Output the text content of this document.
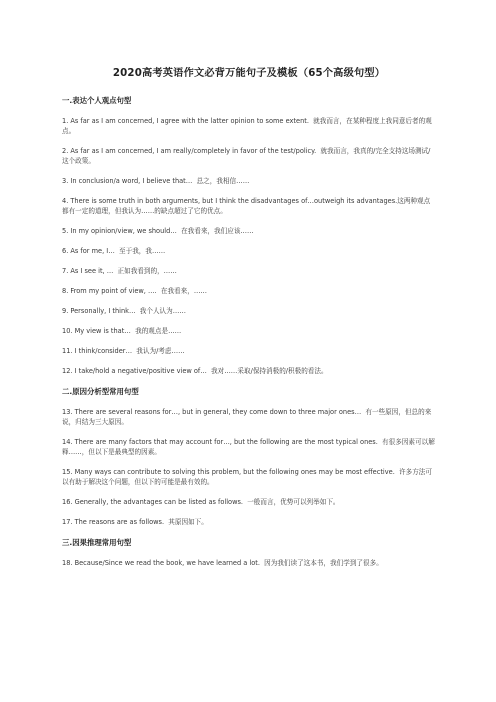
2020高考英语作文必背万能句子及模板（65个高级句型）
一.表达个人观点句型
1. As far as I am concerned, I agree with the latter opinion to some extent. 就我而言，在某种程度上我同意后者的观点。
2. As far as I am concerned, I am really/completely in favor of the test/policy. 就我而言，我真的/完全支持这场测试/这个政策。
3. In conclusion/a word, I believe that… 总之，我相信……
4. There is some truth in both arguments, but I think the disadvantages of…outweigh its advantages.这两种观点都有一定的道理，但我认为……的缺点超过了它的优点。
5. In my opinion/view, we should… 在我看来，我们应该……
6. As for me, I… 至于我，我……
7. As I see it, … 正如我看到的，……
8. From my point of view, …. 在我看来，……
9. Personally, I think… 我个人认为……
10. My view is that… 我的观点是……
11. I think/consider… 我认为/考虑……
12. I take/hold a negative/positive view of… 我对……采取/保持消极的/积极的看法。
二.原因分析型常用句型
13. There are several reasons for…, but in general, they come down to three major ones… 有一些原因，但总的来说，归结为三大原因。
14. There are many factors that may account for…, but the following are the most typical ones. 有很多因素可以解释……，但以下是最典型的因素。
15. Many ways can contribute to solving this problem, but the following ones may be most effective. 许多方法可以有助于解决这个问题，但以下的可能是最有效的。
16. Generally, the advantages can be listed as follows. 一般而言，优势可以列举如下。
17. The reasons are as follows. 其原因如下。
三.因果推理常用句型
18. Because/Since we read the book, we have learned a lot. 因为我们读了这本书，我们学到了很多。
